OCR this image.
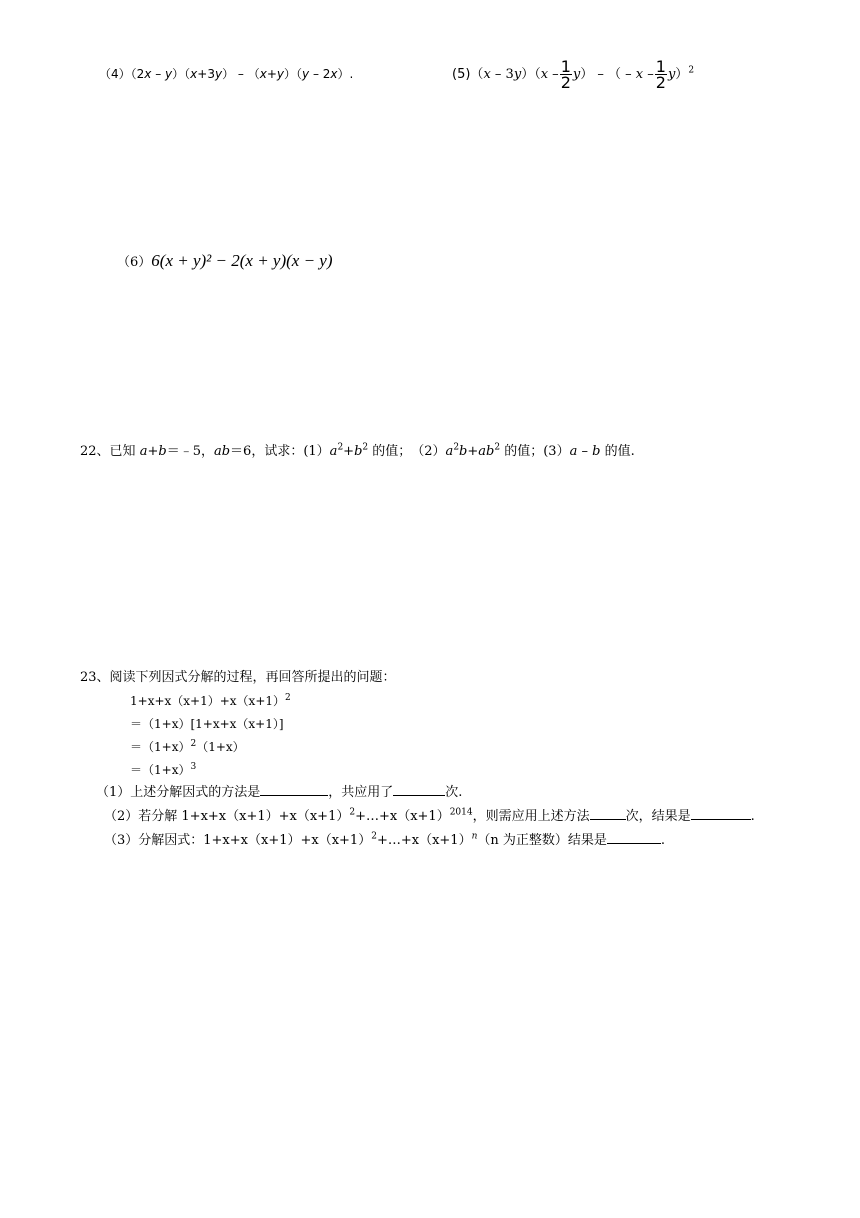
（4）（2x – y）（x+3y） – （x+y）（y – 2x）.	$(5)(x - 3y)(x - \frac{1}{2} y)$ – （ – x – $\frac{1}{2} y)^2$
（6）6(x + y)² − 2(x + y)(x − y)
22、已知 a+b＝﹣5，ab＝6，试求：$(1)a^2+b^2$ 的值；　$(2)a^2b+ab^2$ 的值；(3）a – b 的值.
23、阅读下列因式分解的过程，再回答所提出的问题：
$1+x+x(x+1)+x(x+1)^2$
＝（1+x）[1+x+x（x+1）]
$=(1+x)^2(1+x)$
$=(1+x)^3$
（1）上述分解因式的方法是	，共应用了	次.
（2）若分解 $1+x+x(x+1)+x(x+1)^2+\dots+x(x+1)^{2014}$，则需应用上述方法	次，结果是	.
（3）分解因式：$1+x+x(x+1)+x(x+1)^2+\dots+x(x+1)^n(n$ 为正整数）结果是	.
